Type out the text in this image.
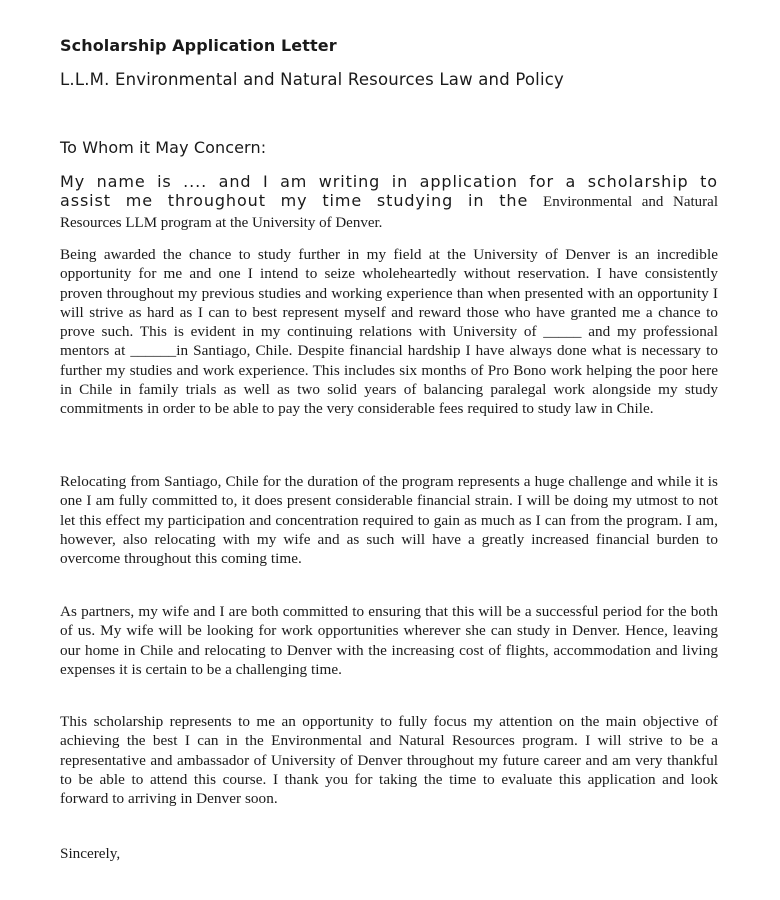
Scholarship Application Letter
L.L.M. Environmental and Natural Resources Law and Policy
To Whom it May Concern:
My name is .... and I am writing in application for a scholarship to assist me throughout my time studying in the Environmental and Natural Resources LLM program at the University of Denver.

Being awarded the chance to study further in my field at the University of Denver is an incredible opportunity for me and one I intend to seize wholeheartedly without reservation. I have consistently proven throughout my previous studies and working experience than when presented with an opportunity I will strive as hard as I can to best represent myself and reward those who have granted me a chance to prove such. This is evident in my continuing relations with University of _____ and my professional mentors at ______in Santiago, Chile. Despite financial hardship I have always done what is necessary to further my studies and work experience. This includes six months of Pro Bono work helping the poor here in Chile in family trials as well as two solid years of balancing paralegal work alongside my study commitments in order to be able to pay the very considerable fees required to study law in Chile.

Relocating from Santiago, Chile for the duration of the program represents a huge challenge and while it is one I am fully committed to, it does present considerable financial strain. I will be doing my utmost to not let this effect my participation and concentration required to gain as much as I can from the program. I am, however, also relocating with my wife and as such will have a greatly increased financial burden to overcome throughout this coming time.

As partners, my wife and I are both committed to ensuring that this will be a successful period for the both of us. My wife will be looking for work opportunities wherever she can study in Denver. Hence, leaving our home in Chile and relocating to Denver with the increasing cost of flights, accommodation and living expenses it is certain to be a challenging time.

This scholarship represents to me an opportunity to fully focus my attention on the main objective of achieving the best I can in the Environmental and Natural Resources program. I will strive to be a representative and ambassador of University of Denver throughout my future career and am very thankful to be able to attend this course. I thank you for taking the time to evaluate this application and look forward to arriving in Denver soon.

Sincerely,
